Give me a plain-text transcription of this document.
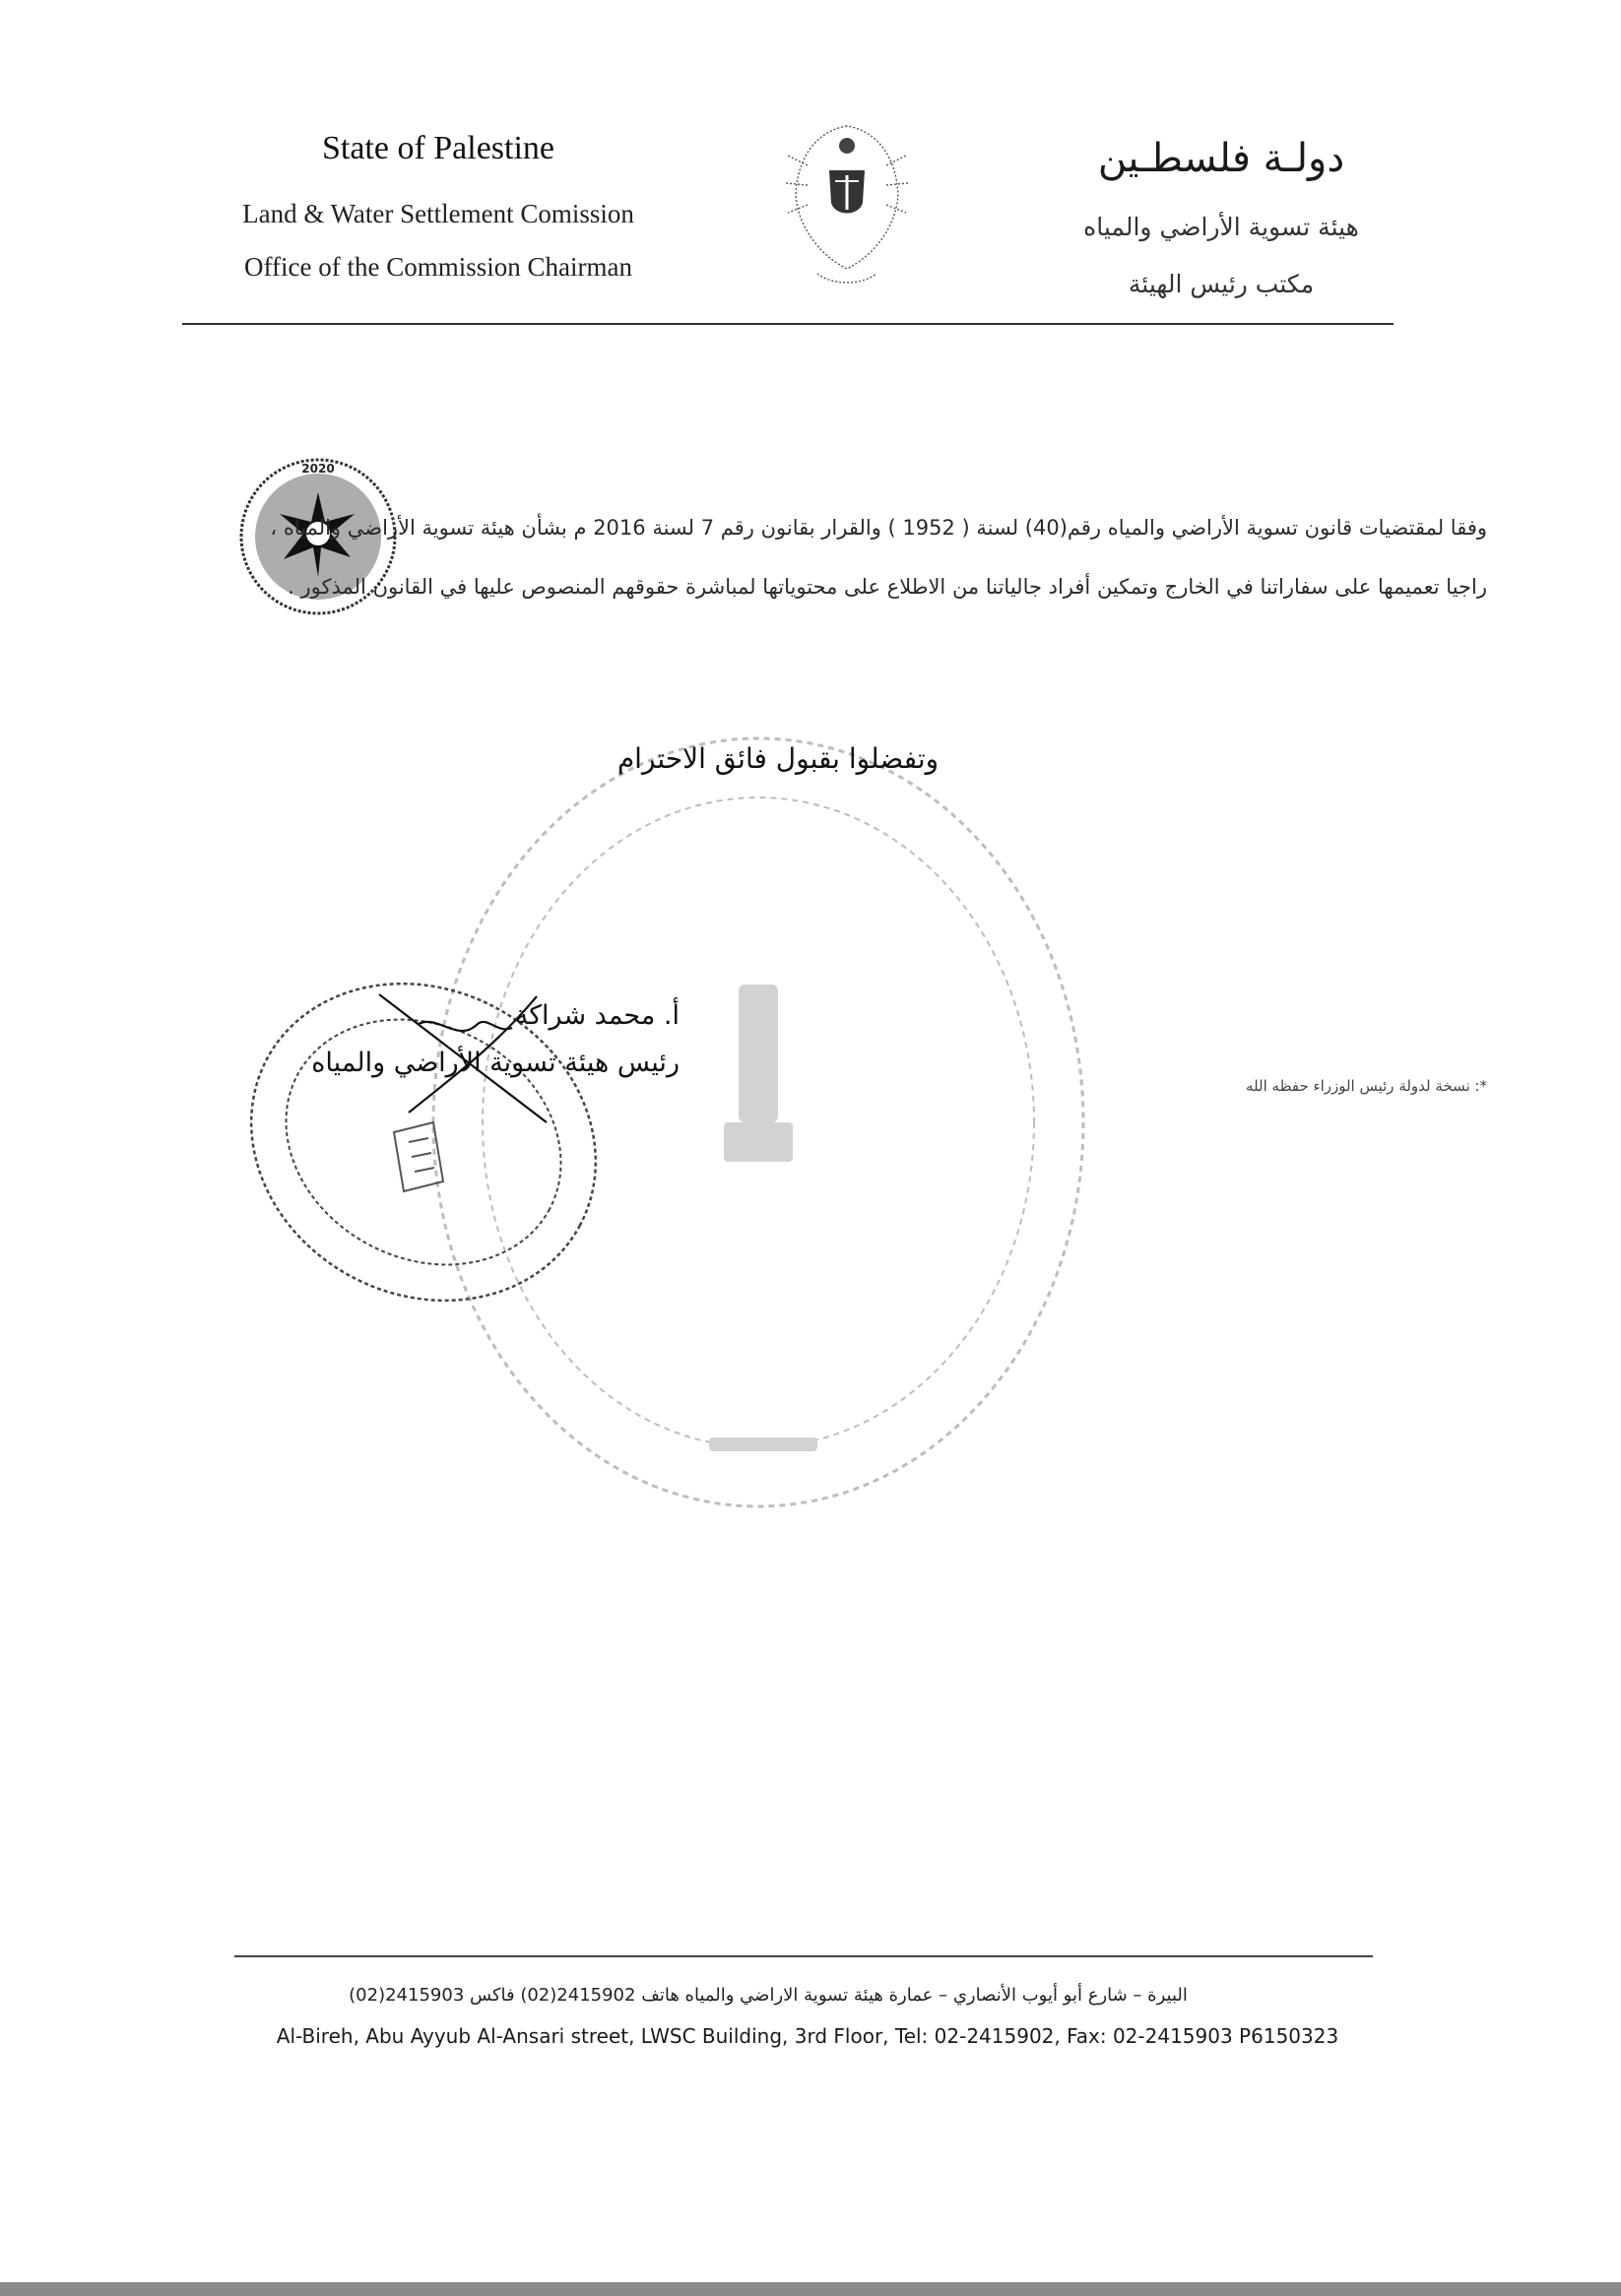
State of Palestine
Land & Water Settlement Comission
Office of the Commission Chairman
دولـة فلسطـين
هيئة تسوية الأراضي والمياه
مكتب رئيس الهيئة
2020
وفقا لمقتضيات قانون تسوية الأراضي والمياه رقم(40) لسنة ( 1952 ) والقرار بقانون رقم 7 لسنة 2016 م بشأن هيئة تسوية الأراضي والمياه ،
راجيا تعميمها على سفاراتنا في الخارج وتمكين أفراد جالياتنا من الاطلاع على محتوياتها لمباشرة حقوقهم المنصوص عليها في القانون المذكور .
وتفضلوا بقبول فائق الاحترام
أ. محمد شراكة
رئيس هيئة تسوية الأراضي والمياه
*: نسخة لدولة رئيس الوزراء حفظه الله
البيرة – شارع أبو أيوب الأنصاري – عمارة هيئة تسوية الاراضي والمياه هاتف 2415902(02) فاكس 2415903(02)
Al-Bireh, Abu Ayyub Al-Ansari street, LWSC Building, 3rd Floor, Tel: 02-2415902, Fax: 02-2415903 P6150323
